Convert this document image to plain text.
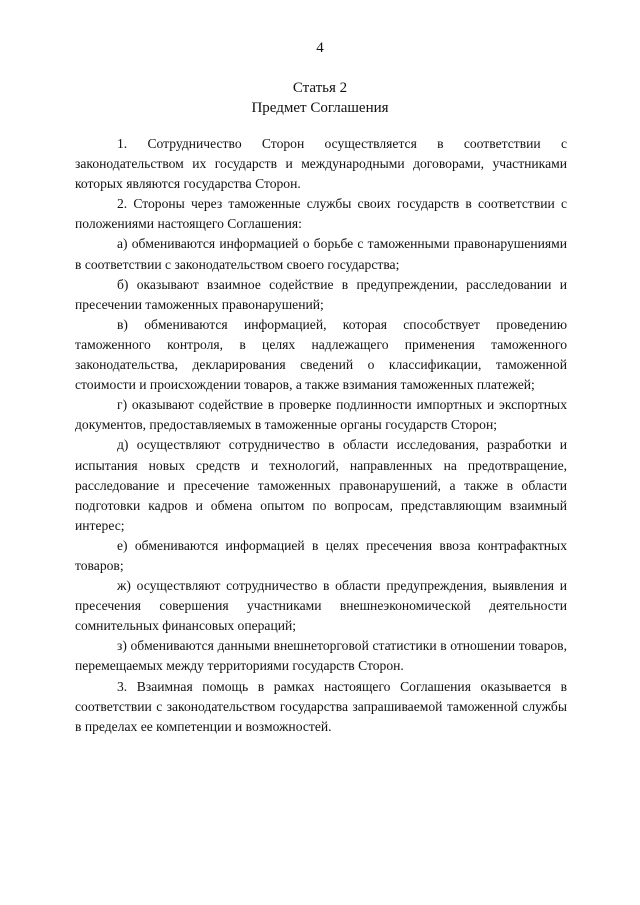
4
Статья 2
Предмет Соглашения

1. Сотрудничество Сторон осуществляется в соответствии с законодательством их государств и международными договорами, участниками которых являются государства Сторон.

2. Стороны через таможенные службы своих государств в соответствии с положениями настоящего Соглашения:

а) обмениваются информацией о борьбе с таможенными правонарушениями в соответствии с законодательством своего государства;

б) оказывают взаимное содействие в предупреждении, расследовании и пресечении таможенных правонарушений;

в) обмениваются информацией, которая способствует проведению таможенного контроля, в целях надлежащего применения таможенного законодательства, декларирования сведений о классификации, таможенной стоимости и происхождении товаров, а также взимания таможенных платежей;

г) оказывают содействие в проверке подлинности импортных и экспортных документов, предоставляемых в таможенные органы государств Сторон;

д) осуществляют сотрудничество в области исследования, разработки и испытания новых средств и технологий, направленных на предотвращение, расследование и пресечение таможенных правонарушений, а также в области подготовки кадров и обмена опытом по вопросам, представляющим взаимный интерес;

е) обмениваются информацией в целях пресечения ввоза контрафактных товаров;

ж) осуществляют сотрудничество в области предупреждения, выявления и пресечения совершения участниками внешнеэкономической деятельности сомнительных финансовых операций;

з) обмениваются данными внешнеторговой статистики в отношении товаров, перемещаемых между территориями государств Сторон.

3. Взаимная помощь в рамках настоящего Соглашения оказывается в соответствии с законодательством государства запрашиваемой таможенной службы в пределах ее компетенции и возможностей.
